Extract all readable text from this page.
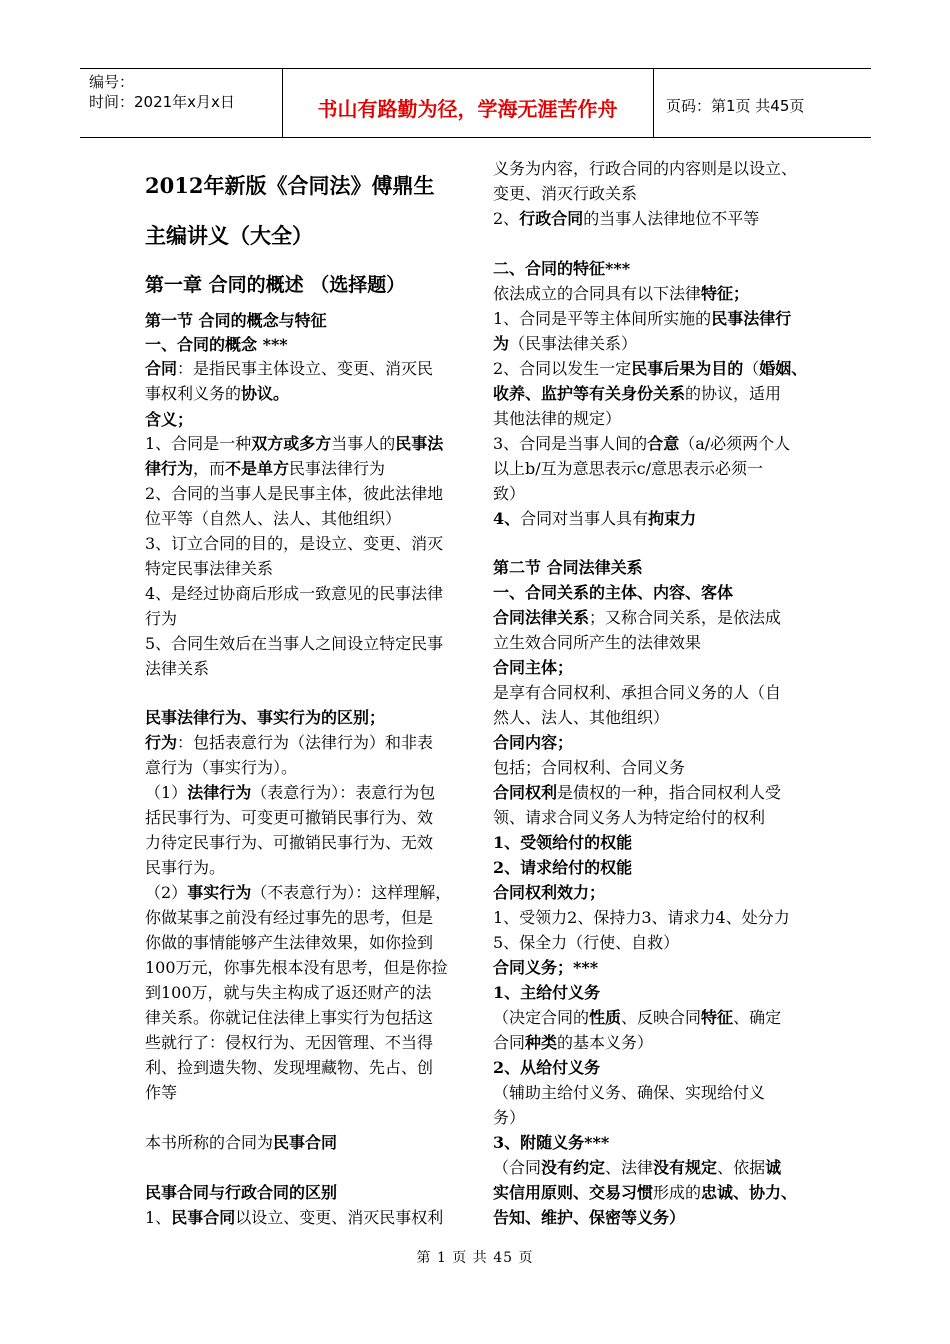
编号：
时间：2021年x月x日	书山有路勤为径，学海无涯苦作舟	页码：第1页 共45页
2012年新版《合同法》傅鼎生
主编讲义（大全）
第一章 合同的概述 （选择题）
第一节 合同的概念与特征
一、合同的概念 ***
合同：是指民事主体设立、变更、消灭民
事权利义务的协议。
含义；
1、合同是一种双方或多方当事人的民事法
律行为，而不是单方民事法律行为
2、合同的当事人是民事主体，彼此法律地
位平等（自然人、法人、其他组织）
3、订立合同的目的，是设立、变更、消灭
特定民事法律关系
4、是经过协商后形成一致意见的民事法律
行为
5、合同生效后在当事人之间设立特定民事
法律关系
民事法律行为、事实行为的区别；
行为：包括表意行为（法律行为）和非表
意行为（事实行为）。
（1）法律行为（表意行为）：表意行为包
括民事行为、可变更可撤销民事行为、效
力待定民事行为、可撤销民事行为、无效
民事行为。
（2）事实行为（不表意行为）：这样理解，
你做某事之前没有经过事先的思考，但是
你做的事情能够产生法律效果，如你捡到
100万元，你事先根本没有思考，但是你捡
到100万，就与失主构成了返还财产的法
律关系。你就记住法律上事实行为包括这
些就行了：侵权行为、无因管理、不当得
利、捡到遗失物、发现埋藏物、先占、创
作等
本书所称的合同为民事合同
民事合同与行政合同的区别
1、民事合同以设立、变更、消灭民事权利
义务为内容，行政合同的内容则是以设立、
变更、消灭行政关系
2、行政合同的当事人法律地位不平等
二、合同的特征***
依法成立的合同具有以下法律特征；
1、合同是平等主体间所实施的民事法律行
为（民事法律关系）
2、合同以发生一定民事后果为目的（婚姻、
收养、监护等有关身份关系的协议，适用
其他法律的规定）
3、合同是当事人间的合意（a/必须两个人
以上b/互为意思表示c/意思表示必须一
致）
4、合同对当事人具有拘束力
第二节 合同法律关系
一、合同关系的主体、内容、客体
合同法律关系；又称合同关系，是依法成
立生效合同所产生的法律效果
合同主体；
是享有合同权利、承担合同义务的人（自
然人、法人、其他组织）
合同内容；
包括；合同权利、合同义务
合同权利是债权的一种，指合同权利人受
领、请求合同义务人为特定给付的权利
1、受领给付的权能
2、请求给付的权能
合同权利效力；
1、受领力2、保持力3、请求力4、处分力
5、保全力（行使、自救）
合同义务；***
1、主给付义务
（决定合同的性质、反映合同特征、确定
合同种类的基本义务）
2、从给付义务
（辅助主给付义务、确保、实现给付义
务）
3、附随义务***
（合同没有约定、法律没有规定、依据诚
实信用原则、交易习惯形成的忠诚、协力、
告知、维护、保密等义务）
第 1 页 共 45 页
